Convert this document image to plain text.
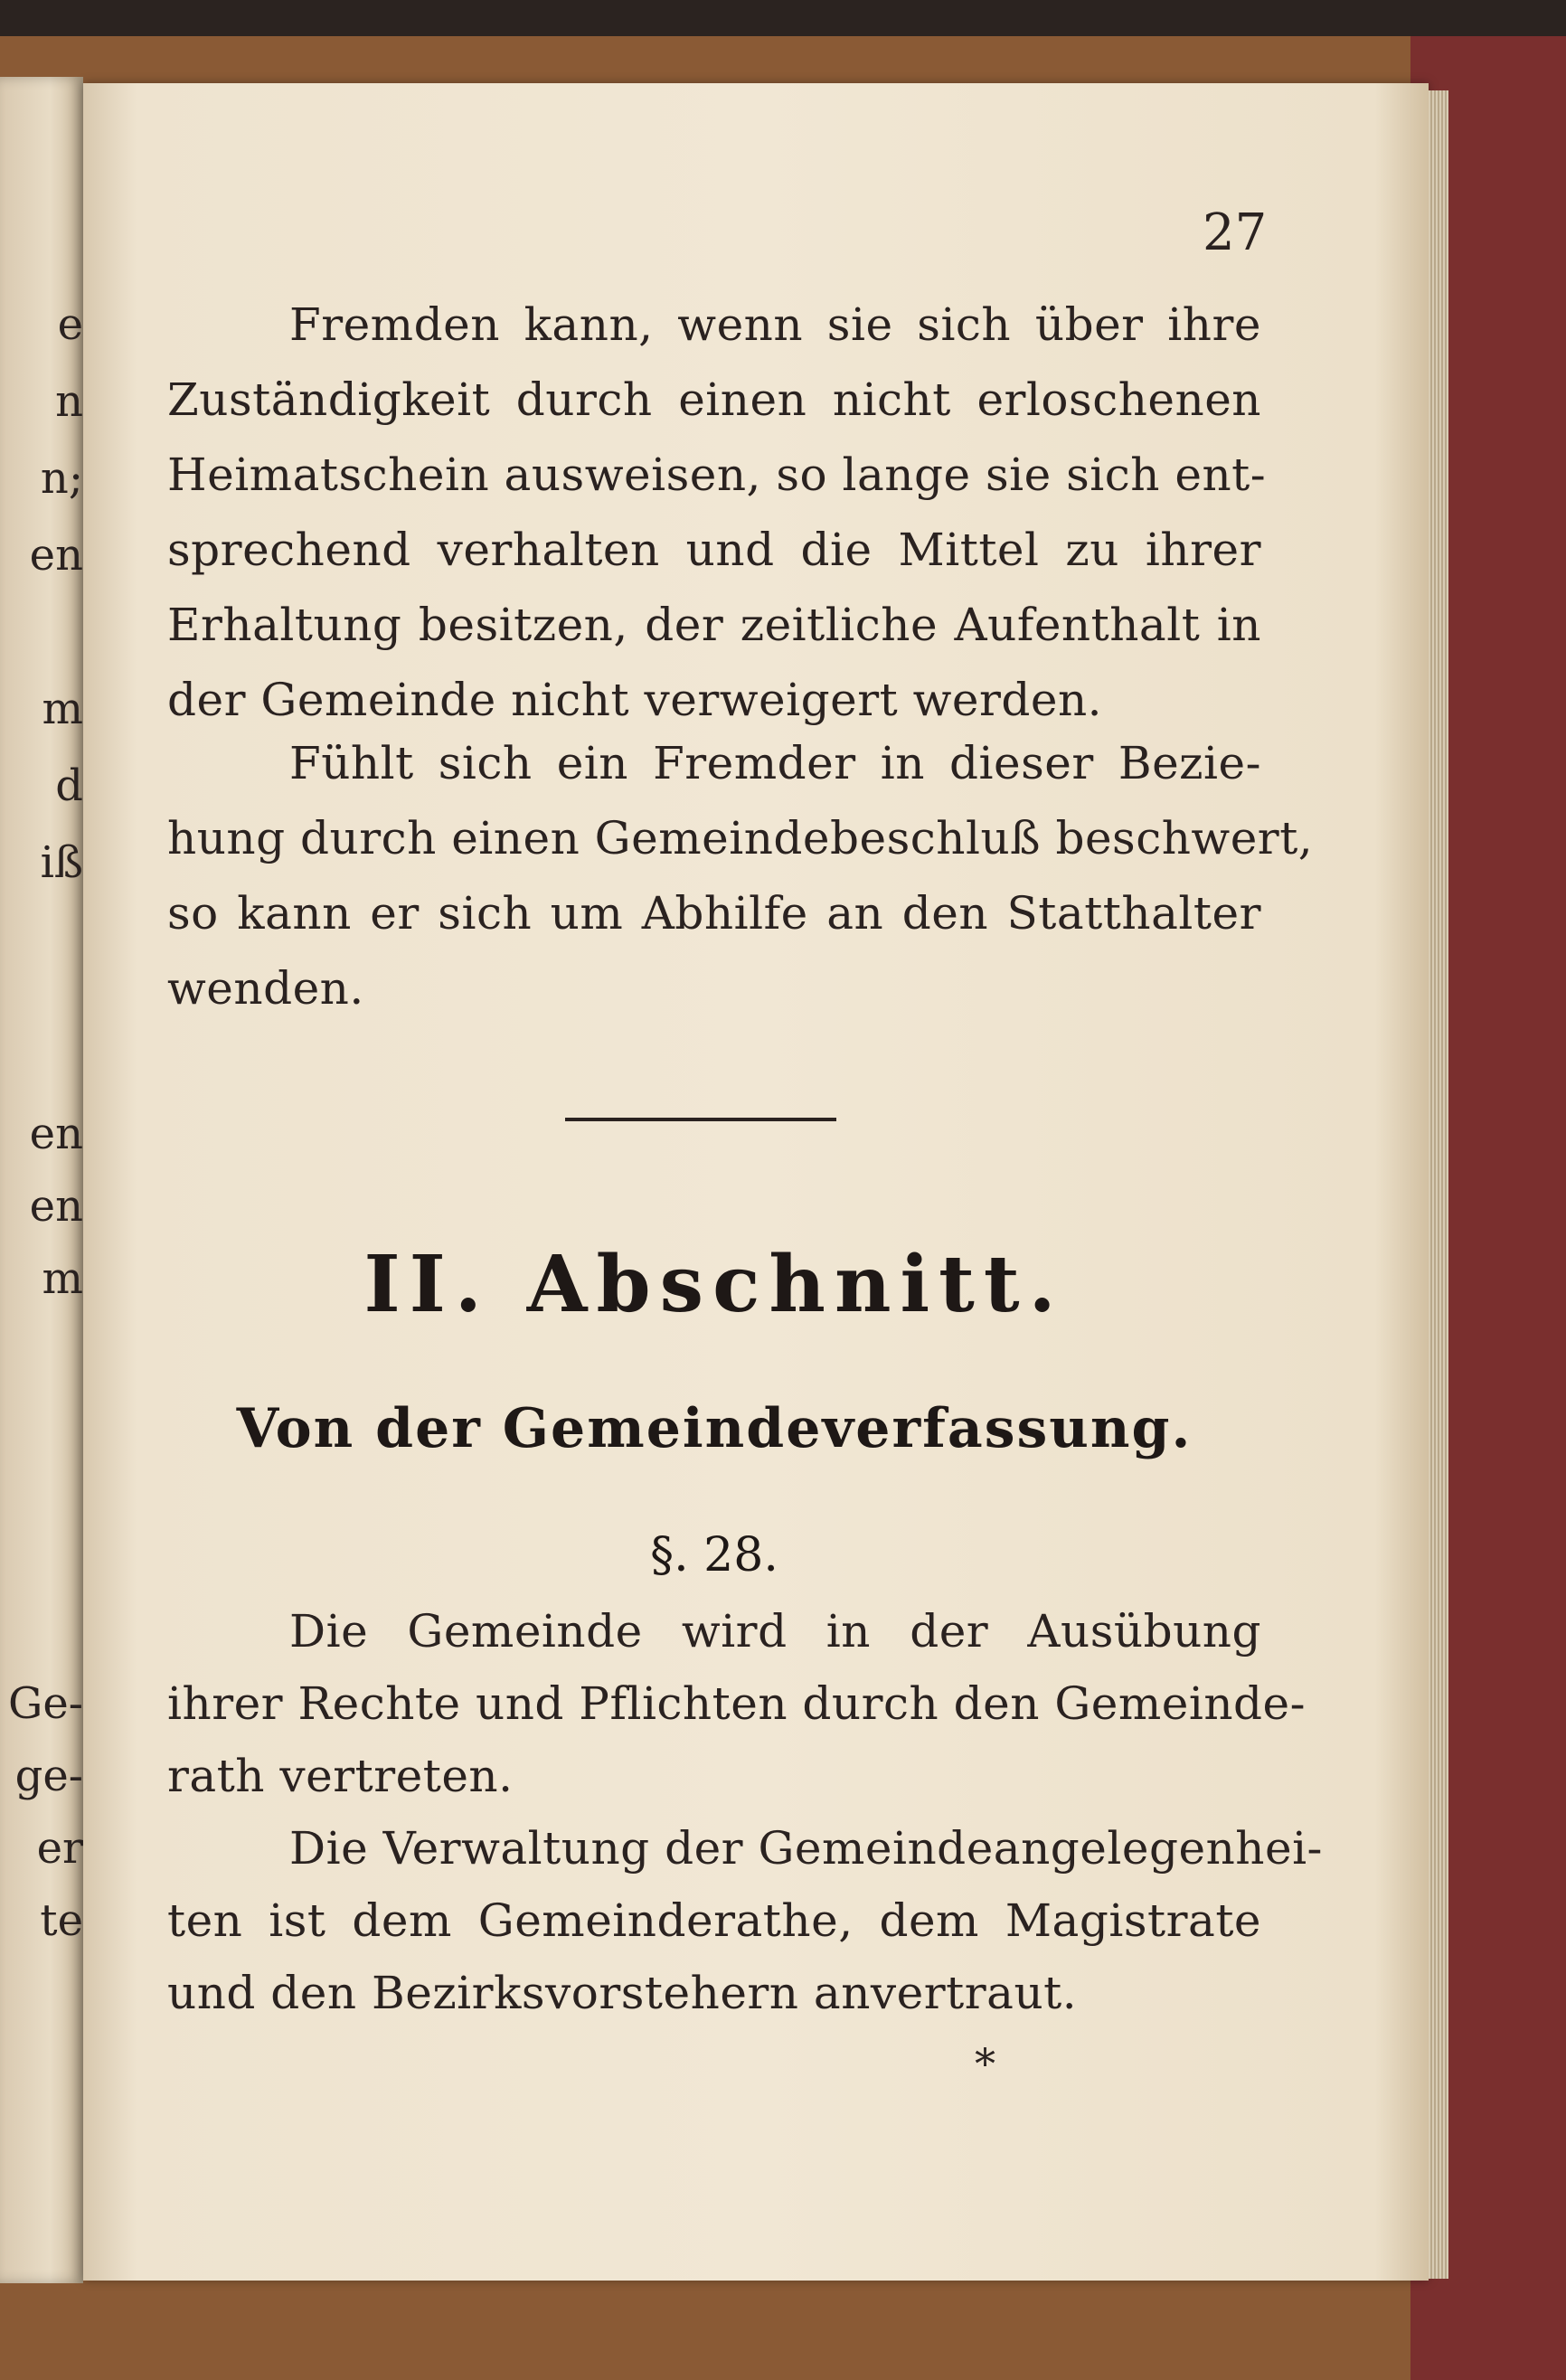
e
n
n;
en
m
d
iß
en
en
m
Ge-
ge-
er
te
27
Fremden kann, wenn sie sich über ihre
Zuständigkeit durch einen nicht erloschenen
Heimatschein ausweisen, so lange sie sich ent-
sprechend verhalten und die Mittel zu ihrer
Erhaltung besitzen, der zeitliche Aufenthalt in
der Gemeinde nicht verweigert werden.
Fühlt sich ein Fremder in dieser Bezie-
hung durch einen Gemeindebeschluß beschwert,
so kann er sich um Abhilfe an den Statthalter
wenden.
II. Abschnitt.
Von der Gemeindeverfassung.
§. 28.
Die Gemeinde wird in der Ausübung
ihrer Rechte und Pflichten durch den Gemeinde-
rath vertreten.
Die Verwaltung der Gemeindeangelegenhei-
ten ist dem Gemeinderathe, dem Magistrate
und den Bezirksvorstehern anvertraut.
*
